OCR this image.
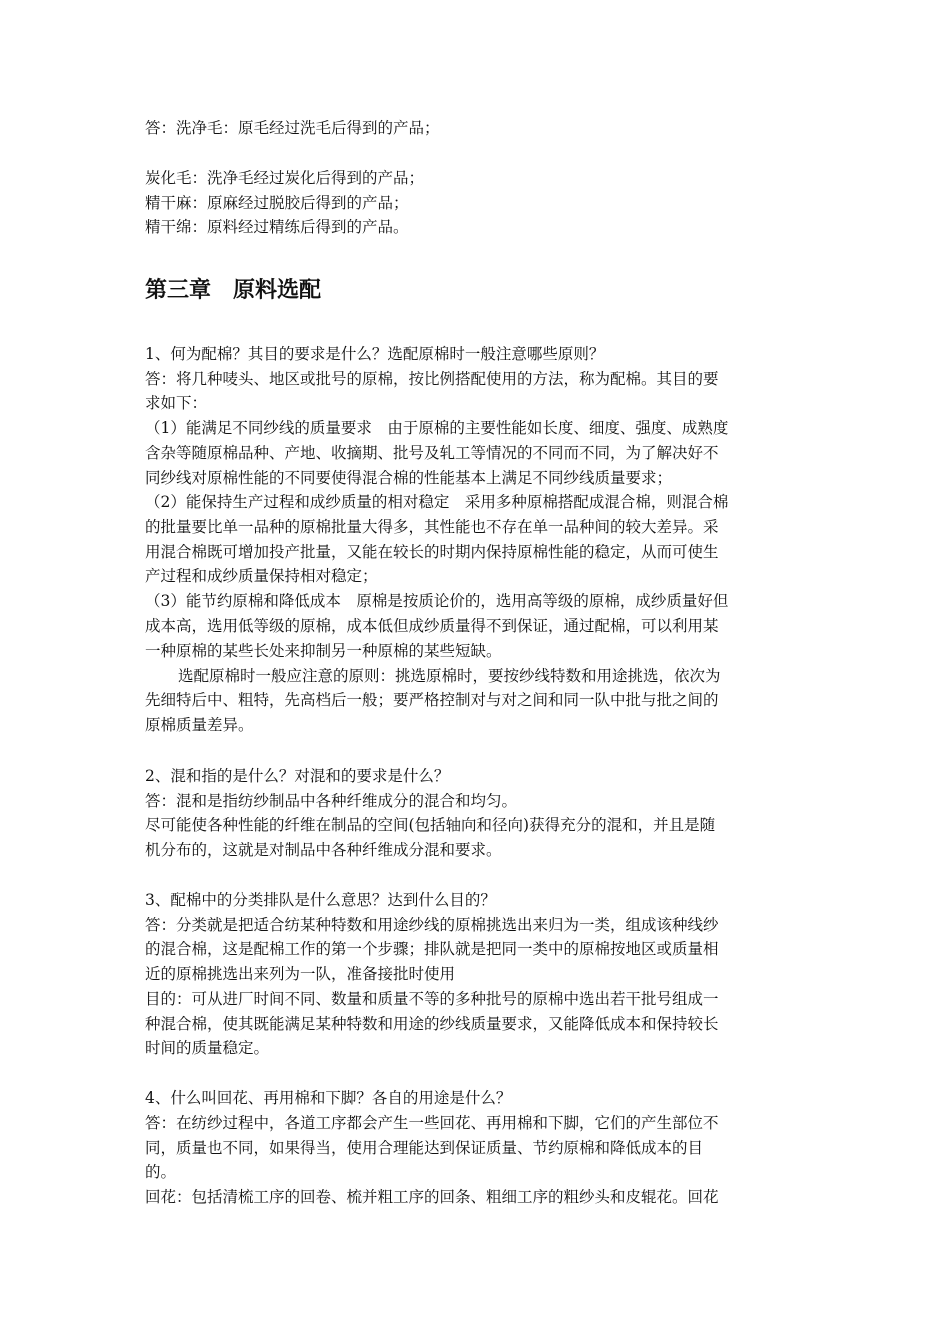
答：洗净毛：原毛经过洗毛后得到的产品；
炭化毛：洗净毛经过炭化后得到的产品；
精干麻：原麻经过脱胶后得到的产品；
精干绵：原料经过精练后得到的产品。
第三章　原料选配
1、何为配棉？其目的要求是什么？选配原棉时一般注意哪些原则？
答：将几种唛头、地区或批号的原棉，按比例搭配使用的方法，称为配棉。其目的要
求如下：
（1）能满足不同纱线的质量要求　由于原棉的主要性能如长度、细度、强度、成熟度
含杂等随原棉品种、产地、收摘期、批号及轧工等情况的不同而不同，为了解决好不
同纱线对原棉性能的不同要使得混合棉的性能基本上满足不同纱线质量要求；
（2）能保持生产过程和成纱质量的相对稳定　采用多种原棉搭配成混合棉，则混合棉
的批量要比单一品种的原棉批量大得多，其性能也不存在单一品种间的较大差异。采
用混合棉既可增加投产批量，又能在较长的时期内保持原棉性能的稳定，从而可使生
产过程和成纱质量保持相对稳定；
（3）能节约原棉和降低成本　原棉是按质论价的，选用高等级的原棉，成纱质量好但
成本高，选用低等级的原棉，成本低但成纱质量得不到保证，通过配棉，可以利用某
一种原棉的某些长处来抑制另一种原棉的某些短缺。
选配原棉时一般应注意的原则：挑选原棉时，要按纱线特数和用途挑选，依次为
先细特后中、粗特，先高档后一般；要严格控制对与对之间和同一队中批与批之间的
原棉质量差异。
2、混和指的是什么？对混和的要求是什么？
答：混和是指纺纱制品中各种纤维成分的混合和均匀。
尽可能使各种性能的纤维在制品的空间(包括轴向和径向)获得充分的混和，并且是随
机分布的，这就是对制品中各种纤维成分混和要求。
3、配棉中的分类排队是什么意思？达到什么目的？
答：分类就是把适合纺某种特数和用途纱线的原棉挑选出来归为一类，组成该种线纱
的混合棉，这是配棉工作的第一个步骤；排队就是把同一类中的原棉按地区或质量相
近的原棉挑选出来列为一队，准备接批时使用
目的：可从进厂时间不同、数量和质量不等的多种批号的原棉中选出若干批号组成一
种混合棉，使其既能满足某种特数和用途的纱线质量要求，又能降低成本和保持较长
时间的质量稳定。
4、什么叫回花、再用棉和下脚？各自的用途是什么？
答：在纺纱过程中，各道工序都会产生一些回花、再用棉和下脚，它们的产生部位不
同，质量也不同，如果得当，使用合理能达到保证质量、节约原棉和降低成本的目
的。
回花：包括清梳工序的回卷、梳并粗工序的回条、粗细工序的粗纱头和皮辊花。回花
